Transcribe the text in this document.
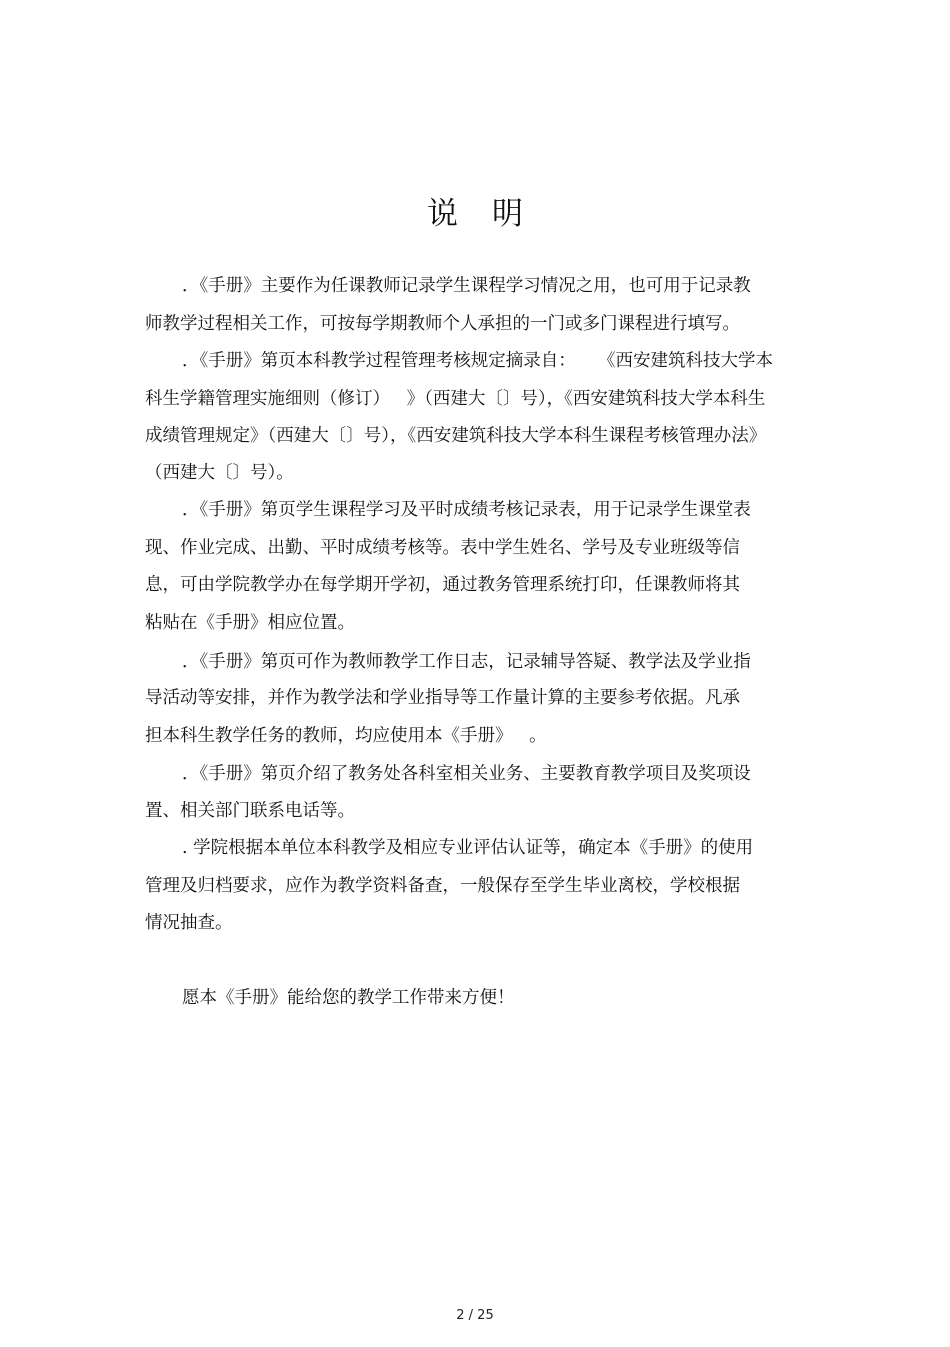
说明

．《手册》主要作为任课教师记录学生课程学习情况之用，也可用于记录教

师教学过程相关工作，可按每学期教师个人承担的一门或多门课程进行填写。

．《手册》第页本科教学过程管理考核规定摘录自：    《西安建筑科技大学本

科生学籍管理实施细则（修订）   》（西建大〔〕号），《西安建筑科技大学本科生

成绩管理规定》（西建大〔〕号），《西安建筑科技大学本科生课程考核管理办法》

（西建大〔〕号）。

．《手册》第页学生课程学习及平时成绩考核记录表，用于记录学生课堂表

现、作业完成、出勤、平时成绩考核等。表中学生姓名、学号及专业班级等信

息，可由学院教学办在每学期开学初，通过教务管理系统打印，任课教师将其

粘贴在《手册》相应位置。

．《手册》第页可作为教师教学工作日志，记录辅导答疑、教学法及学业指

导活动等安排，并作为教学法和学业指导等工作量计算的主要参考依据。凡承

担本科生教学任务的教师，均应使用本《手册》   。

．《手册》第页介绍了教务处各科室相关业务、主要教育教学项目及奖项设

置、相关部门联系电话等。

. 学院根据本单位本科教学及相应专业评估认证等，确定本《手册》的使用

管理及归档要求，应作为教学资料备查，一般保存至学生毕业离校，学校根据

情况抽查。

愿本《手册》能给您的教学工作带来方便！

2 / 25
